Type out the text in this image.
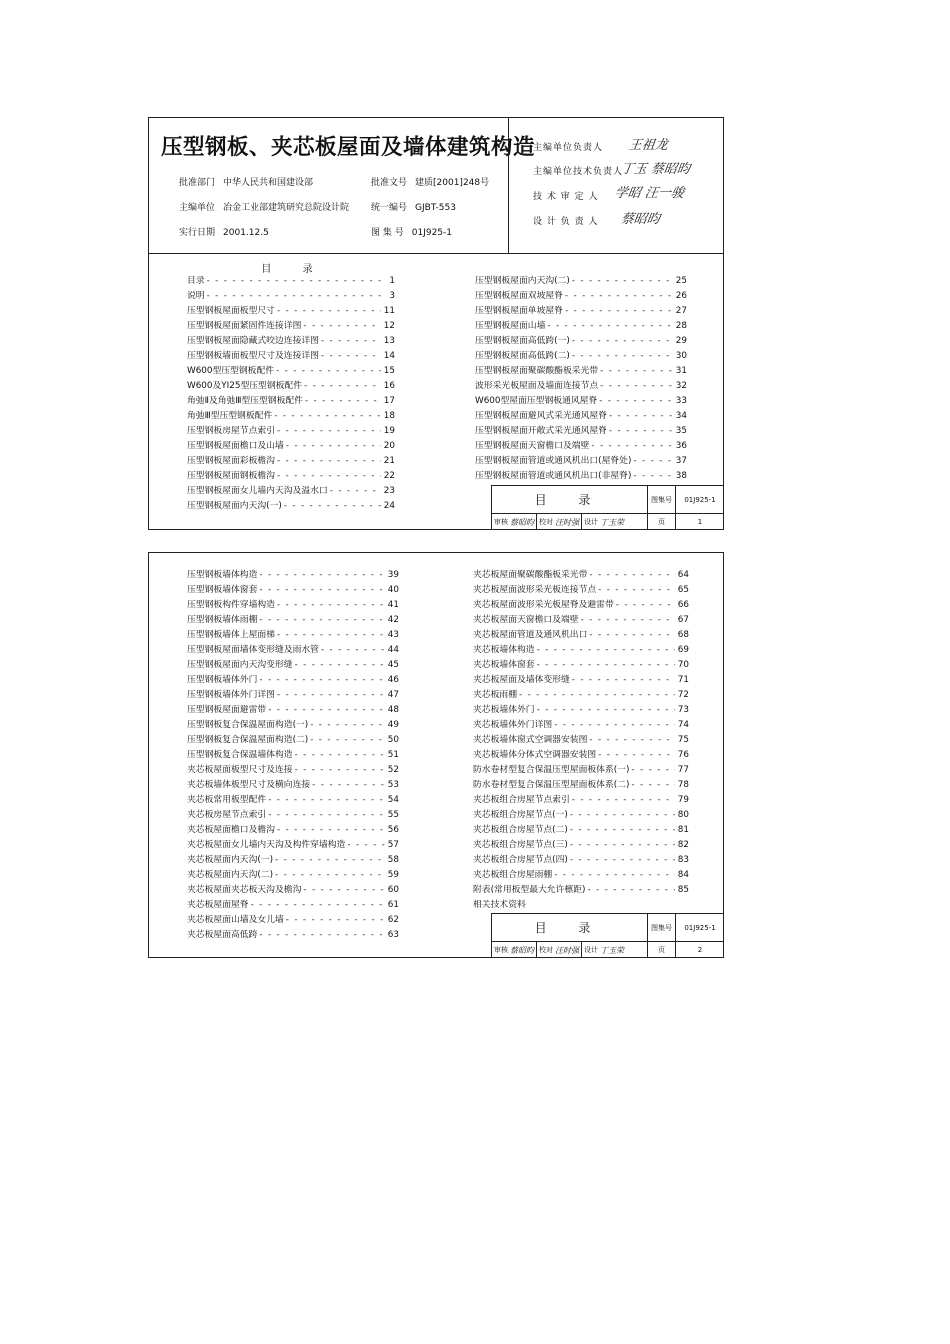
压型钢板、夹芯板屋面及墙体建筑构造
批准部门 中华人民共和国建设部	批准文号 建质[2001]248号
主编单位 冶金工业部建筑研究总院设计院 统一编号 GJBT-553
实行日期 2001.12.5	图 集 号 01J925-1
主编单位负责人 王祖龙
主编单位技术负责人
丁玉 蔡昭昀
技 术 审 定 人 学昭 汪一骏
设 计 负 责 人 蔡昭昀
目 录
目录 - - -	1
说明 - - -	3
压型钢板屋面板型尺寸 - - -	11
压型钢板屋面紧固件连接详图 - - -	12
压型钢板屋面隐藏式咬边连接详图 - - -	13
压型钢板墙面板型尺寸及连接详图 - - -	14
W600型压型钢板配件 - - -	15
W600及YI25型压型钢板配件 - - -	16
角弛Ⅱ及角弛Ⅲ型压型钢板配件 - - -	17
角弛Ⅲ型压型钢板配件 - - -	18
压型钢板房屋节点索引 - - -	19
压型钢板屋面檐口及山墙 - - -	20
压型钢板屋面彩板檐沟 - - -	21
压型钢板屋面钢板檐沟 - - -	22
压型钢板屋面女儿墙内天沟及溢水口 - - -	23
压型钢板屋面内天沟(一) - - -	24
压型钢板屋面内天沟(二) - - -	25
压型钢板屋面双坡屋脊 - - -	26
压型钢板屋面单坡屋脊 - - -	27
压型钢板屋面山墙 - - -	28
压型钢板屋面高低跨(一) - - -	29
压型钢板屋面高低跨(二) - - -	30
压型钢板屋面聚碳酸酯板采光带 - - -	31
波形采光板屋面及墙面连接节点 - - -	32
W600型屋面压型钢板通风屋脊 - - -	33
压型钢板屋面避风式采光通风屋脊 - - -	34
压型钢板屋面开敞式采光通风屋脊 - - -	35
压型钢板屋面天窗檐口及端壁 - - -	36
压型钢板屋面管道或通风机出口(屋脊处) - - -	37
压型钢板屋面管道或通风机出口(非屋脊) - - -	38
目 录	图集号	01J925-1
审核 蔡昭昀 校对 汪时强 设计 丁玉荣	页	1
压型钢板墙体构造 - - -	39
压型钢板墙体窗套 - - -	40
压型钢板构件穿墙构造 - - -	41
压型钢板墙体雨棚 - - -	42
压型钢板墙体上屋面梯 - - -	43
压型钢板屋面墙体变形缝及雨水管 - - -	44
压型钢板屋面内天沟变形缝 - - -	45
压型钢板墙体外门 - - -	46
压型钢板墙体外门详图 - - -	47
压型钢板屋面避雷带 - - -	48
压型钢板复合保温屋面构造(一) - - -	49
压型钢板复合保温屋面构造(二) - - -	50
压型钢板复合保温墙体构造 - - -	51
夹芯板屋面板型尺寸及连接 - - -	52
夹芯板墙体板型尺寸及横向连接 - - -	53
夹芯板常用板型配件 - - -	54
夹芯板房屋节点索引 - - -	55
夹芯板屋面檐口及檐沟 - - -	56
夹芯板屋面女儿墙内天沟及构件穿墙构造 - - -	57
夹芯板屋面内天沟(一) - - -	58
夹芯板屋面内天沟(二) - - -	59
夹芯板屋面夹芯板天沟及檐沟 - - -	60
夹芯板屋面屋脊 - - -	61
夹芯板屋面山墙及女儿墙 - - -	62
夹芯板屋面高低跨 - - -	63
夹芯板屋面聚碳酸酯板采光带 - - -	64
夹芯板屋面波形采光板连接节点 - - -	65
夹芯板屋面波形采光板屋脊及避雷带 - - -	66
夹芯板屋面天窗檐口及端壁 - - -	67
夹芯板屋面管道及通风机出口 - - -	68
夹芯板墙体构造 - - -	69
夹芯板墙体窗套 - - -	70
夹芯板屋面及墙体变形缝 - - -	71
夹芯板雨棚 - - -	72
夹芯板墙体外门 - - -	73
夹芯板墙体外门详图 - - -	74
夹芯板墙体窗式空调器安装图 - - -	75
夹芯板墙体分体式空调器安装图 - - -	76
防水卷材型复合保温压型屋面板体系(一) - - -	77
防水卷材型复合保温压型屋面板体系(二) - - -	78
夹芯板组合房屋节点索引 - - -	79
夹芯板组合房屋节点(一) - - -	80
夹芯板组合房屋节点(二) - - -	81
夹芯板组合房屋节点(三) - - -	82
夹芯板组合房屋节点(四) - - -	83
夹芯板组合房屋雨棚 - - -	84
附表(常用板型最大允许檩距) - - -	85
相关技术资料
目 录	图集号	01J925-1
审核 蔡昭昀 校对 汪时强 设计 丁玉荣	页	2
